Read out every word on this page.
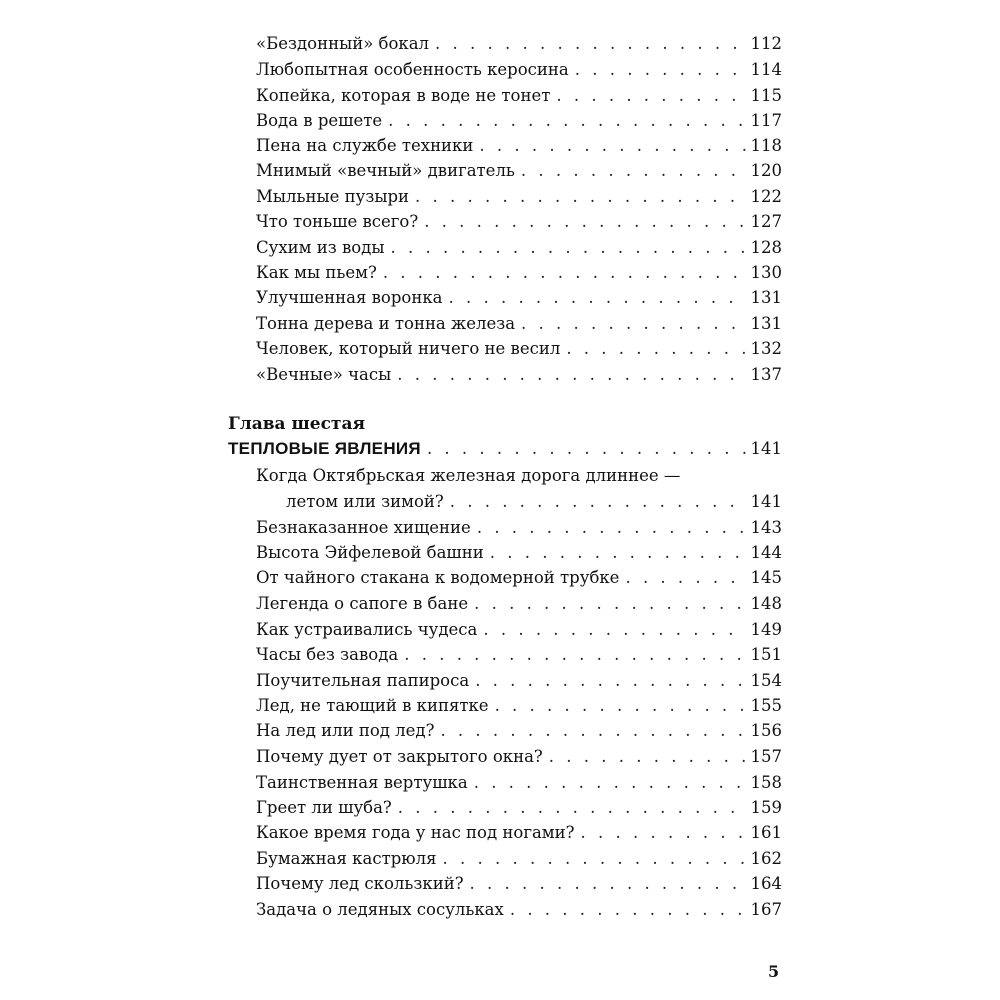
«Бездонный» бокал . . .	112
Любопытная особенность керосина . . .	114
Копейка, которая в воде не тонет . . .	115
Вода в решете . . .	117
Пена на службе техники . . .	118
Мнимый «вечный» двигатель . . .	120
Мыльные пузыри . . .	122
Что тоньше всего? . . .	127
Сухим из воды . . .	128
Как мы пьем? . . .	130
Улучшенная воронка . . .	131
Тонна дерева и тонна железа . . .	131
Человек, который ничего не весил . . .	132
«Вечные» часы . . .	137
Глава шестая
ТЕПЛОВЫЕ ЯВЛЕНИЯ . . .	141
Когда Октябрьская железная дорога длиннее —
летом или зимой? . . .	141
Безнаказанное хищение . . .	143
Высота Эйфелевой башни . . .	144
От чайного стакана к водомерной трубке . . .	145
Легенда о сапоге в бане . . .	148
Как устраивались чудеса . . .	149
Часы без завода . . .	151
Поучительная папироса . . .	154
Лед, не тающий в кипятке . . .	155
На лед или под лед? . . .	156
Почему дует от закрытого окна? . . .	157
Таинственная вертушка . . .	158
Греет ли шуба? . . .	159
Какое время года у нас под ногами? . . .	161
Бумажная кастрюля . . .	162
Почему лед скользкий? . . .	164
Задача о ледяных сосульках . . .	167
5
